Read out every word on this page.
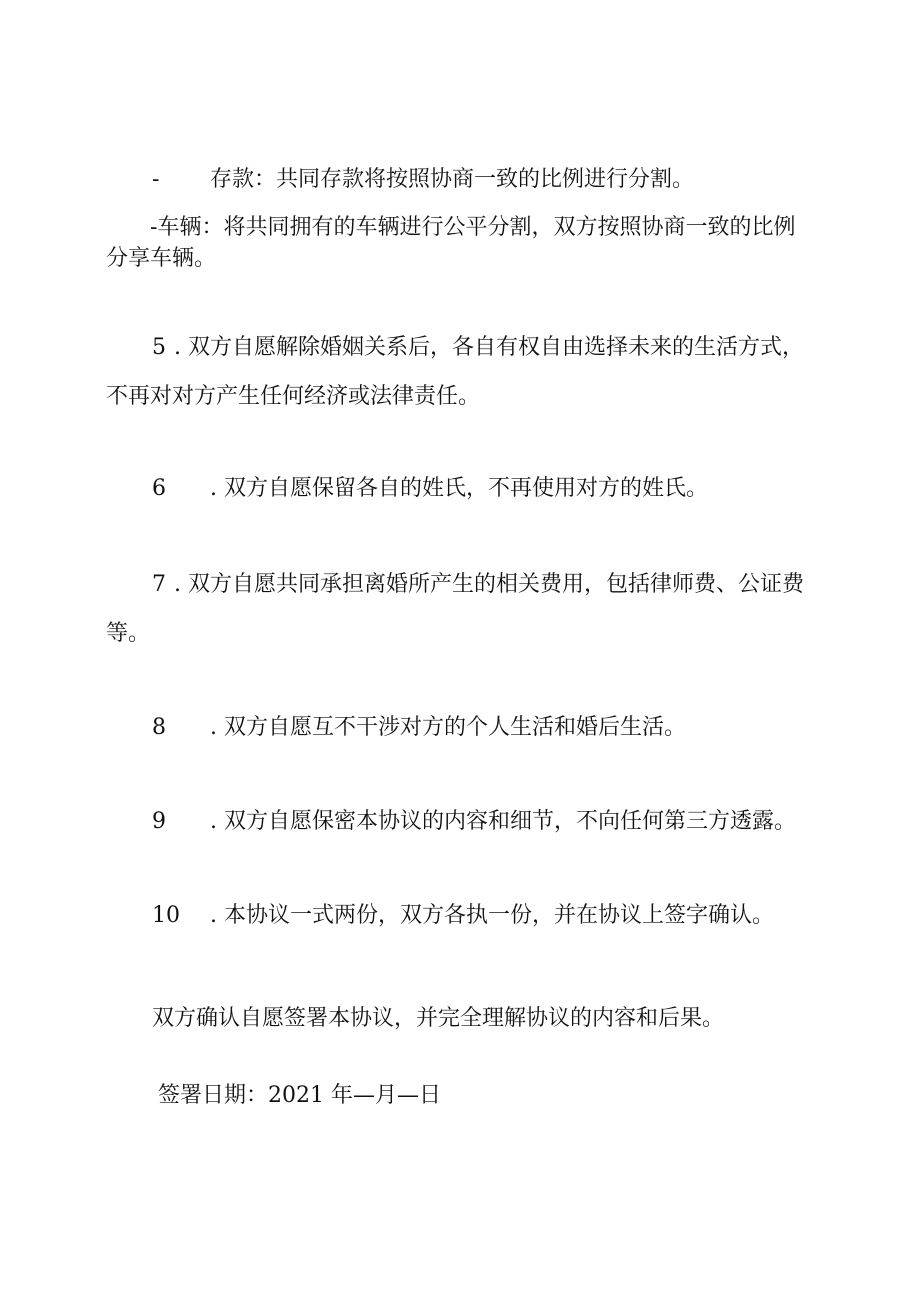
- 存款：共同存款将按照协商一致的比例进行分割。
-车辆：将共同拥有的车辆进行公平分割，双方按照协商一致的比例
分享车辆。
5 . 双方自愿解除婚姻关系后，各自有权自由选择未来的生活方式，
不再对对方产生任何经济或法律责任。
6 . 双方自愿保留各自的姓氏，不再使用对方的姓氏。
7 . 双方自愿共同承担离婚所产生的相关费用，包括律师费、公证费
等。
8 . 双方自愿互不干涉对方的个人生活和婚后生活。
9 . 双方自愿保密本协议的内容和细节，不向任何第三方透露。
10 . 本协议一式两份，双方各执一份，并在协议上签字确认。
双方确认自愿签署本协议，并完全理解协议的内容和后果。
签署日期：2021 年—月—日
